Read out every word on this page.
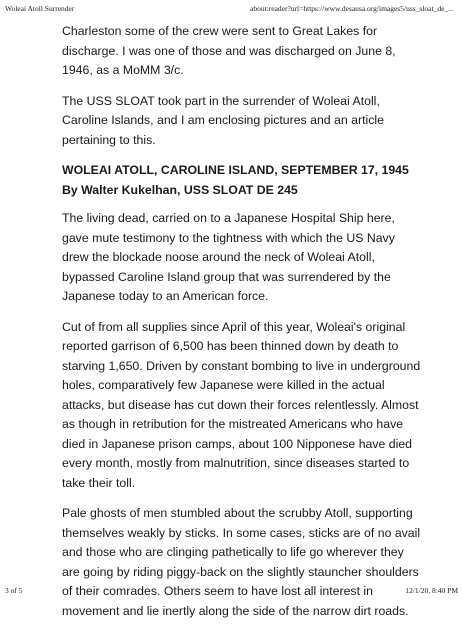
Woleai Atoll Surrender	about:reader?url=https://www.desausa.org/images5/uss_sloat_de_...

Charleston some of the crew were sent to Great Lakes for discharge. I was one of those and was discharged on June 8, 1946, as a MoMM 3/c.

The USS SLOAT took part in the surrender of Woleai Atoll, Caroline Islands, and I am enclosing pictures and an article pertaining to this.

WOLEAI ATOLL, CAROLINE ISLAND, SEPTEMBER 17, 1945
By Walter Kukelhan, USS SLOAT DE 245

The living dead, carried on to a Japanese Hospital Ship here, gave mute testimony to the tightness with which the US Navy drew the blockade noose around the neck of Woleai Atoll, bypassed Caroline Island group that was surrendered by the Japanese today to an American force.

Cut of from all supplies since April of this year, Woleai's original reported garrison of 6,500 has been thinned down by death to starving 1,650. Driven by constant bombing to live in underground holes, comparatively few Japanese were killed in the actual attacks, but disease has cut down their forces relentlessly. Almost as though in retribution for the mistreated Americans who have died in Japanese prison camps, about 100 Nipponese have died every month, mostly from malnutrition, since diseases started to take their toll.

Pale ghosts of men stumbled about the scrubby Atoll, supporting themselves weakly by sticks. In some cases, sticks are of no avail and those who are clinging pathetically to life go wherever they are going by riding piggy-back on the slightly stauncher shoulders of their comrades. Others seem to have lost all interest in movement and lie inertly along the side of the narrow dirt roads.

3 of 5	12/1/20, 8:40 PM
